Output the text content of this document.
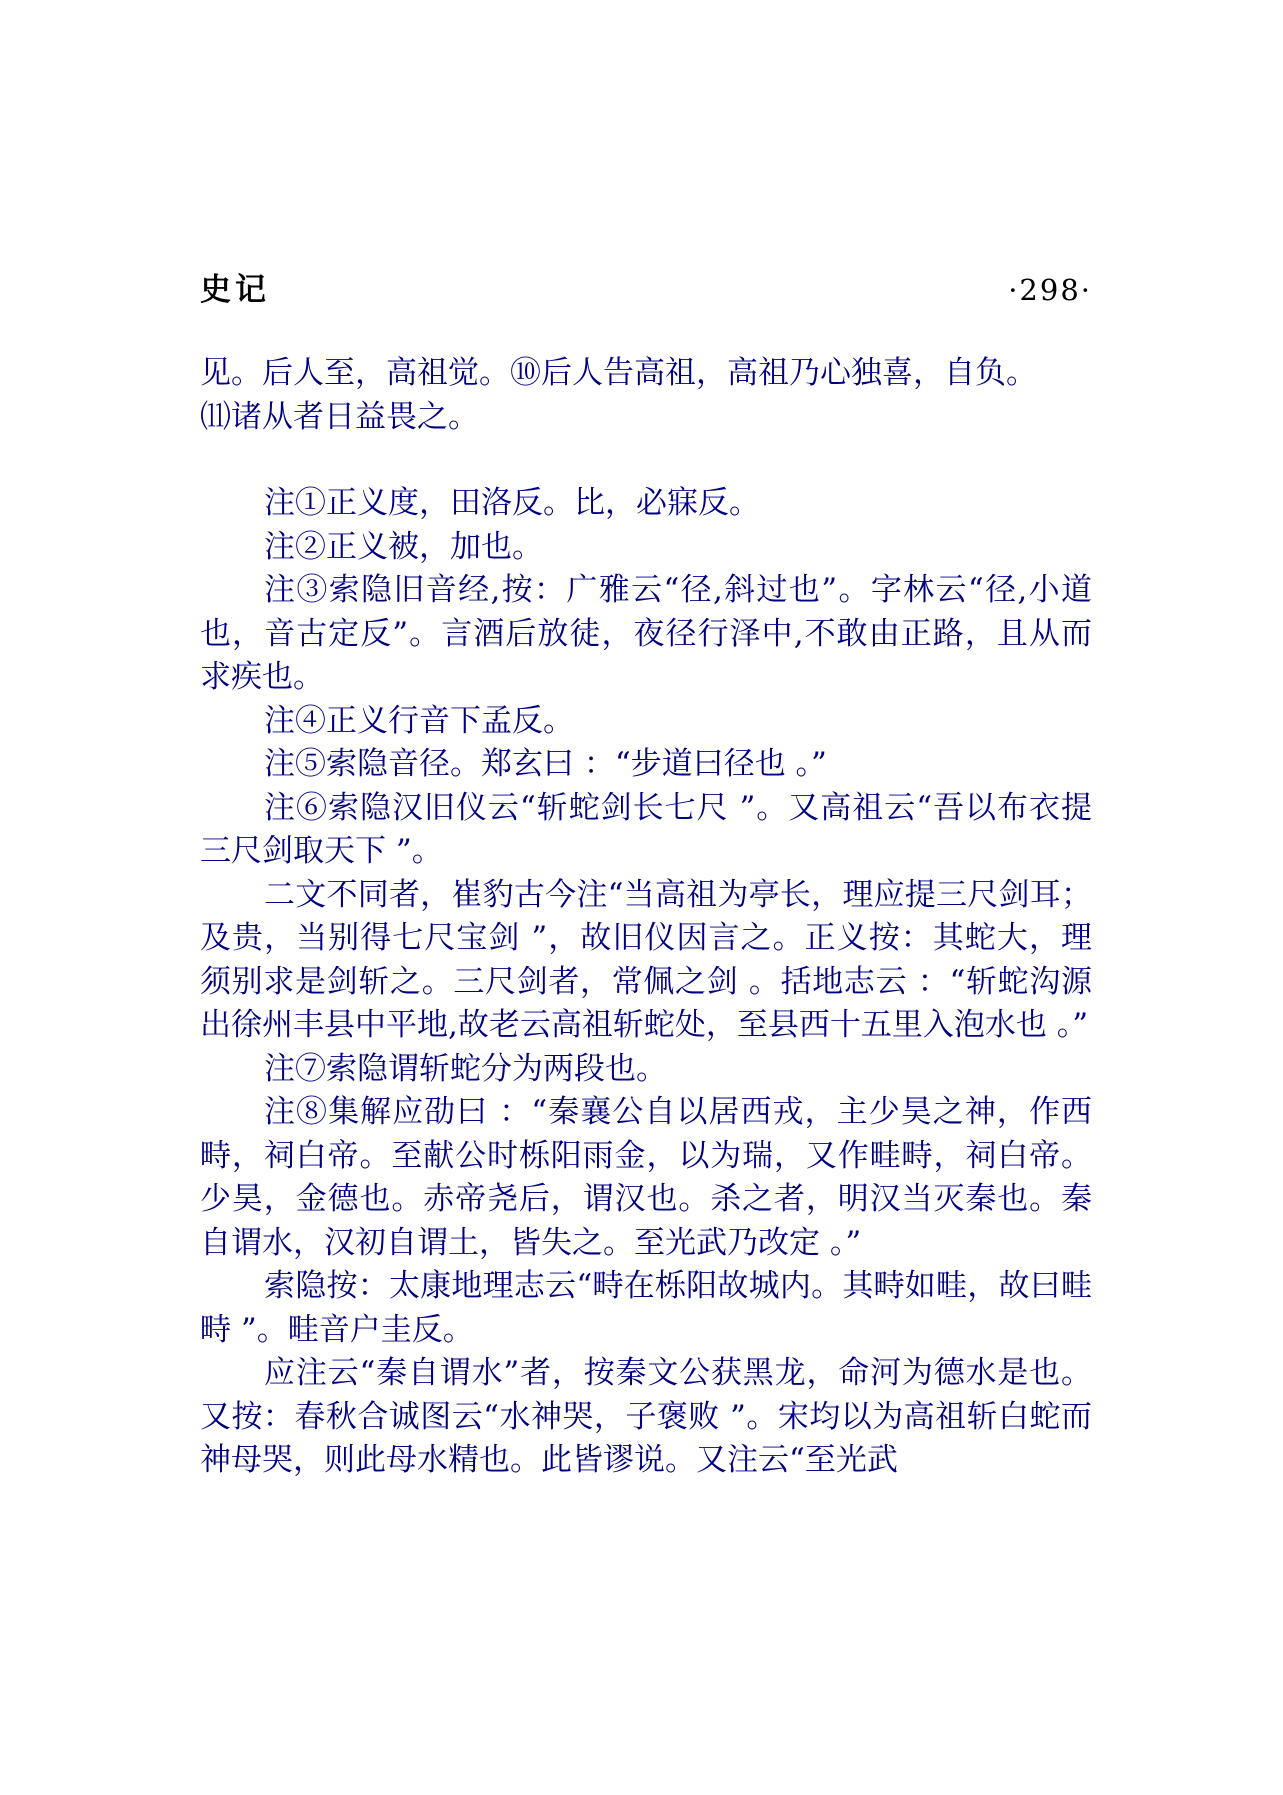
史记	·298·

见。后人至，高祖觉。⑩后人告高祖，高祖乃心独喜，自负。

⑾诸从者日益畏之。

注①正义度，田洛反。比，必寐反。

注②正义被，加也。

注③索隐旧音经,按：广雅云“径,斜过也”。字林云“径,小道也，音古定反”。言酒后放徒，夜径行泽中,不敢由正路，且从而求疾也。

注④正义行音下孟反。

注⑤索隐音径。郑玄曰 ：“步道曰径也 。”

注⑥索隐汉旧仪云“斩蛇剑长七尺 ”。又高祖云“吾以布衣提三尺剑取天下 ”。

二文不同者，崔豹古今注“当高祖为亭长，理应提三尺剑耳；及贵，当别得七尺宝剑 ”，故旧仪因言之。正义按：其蛇大，理须别求是剑斩之。三尺剑者，常佩之剑 。括地志云 ：“斩蛇沟源出徐州丰县中平地,故老云高祖斩蛇处，至县西十五里入泡水也 。”

注⑦索隐谓斩蛇分为两段也。

注⑧集解应劭曰 ：“秦襄公自以居西戎，主少昊之神，作西畤，祠白帝。至献公时栎阳雨金，以为瑞，又作畦畤，祠白帝。少昊，金德也。赤帝尧后，谓汉也。杀之者，明汉当灭秦也。秦自谓水，汉初自谓土，皆失之。至光武乃改定 。”

索隐按：太康地理志云“畤在栎阳故城内。其畤如畦，故曰畦畤 ”。畦音户圭反。

应注云“秦自谓水”者，按秦文公获黑龙，命河为德水是也。又按：春秋合诚图云“水神哭，子褒败 ”。宋均以为高祖斩白蛇而神母哭，则此母水精也。此皆谬说。又注云“至光武
